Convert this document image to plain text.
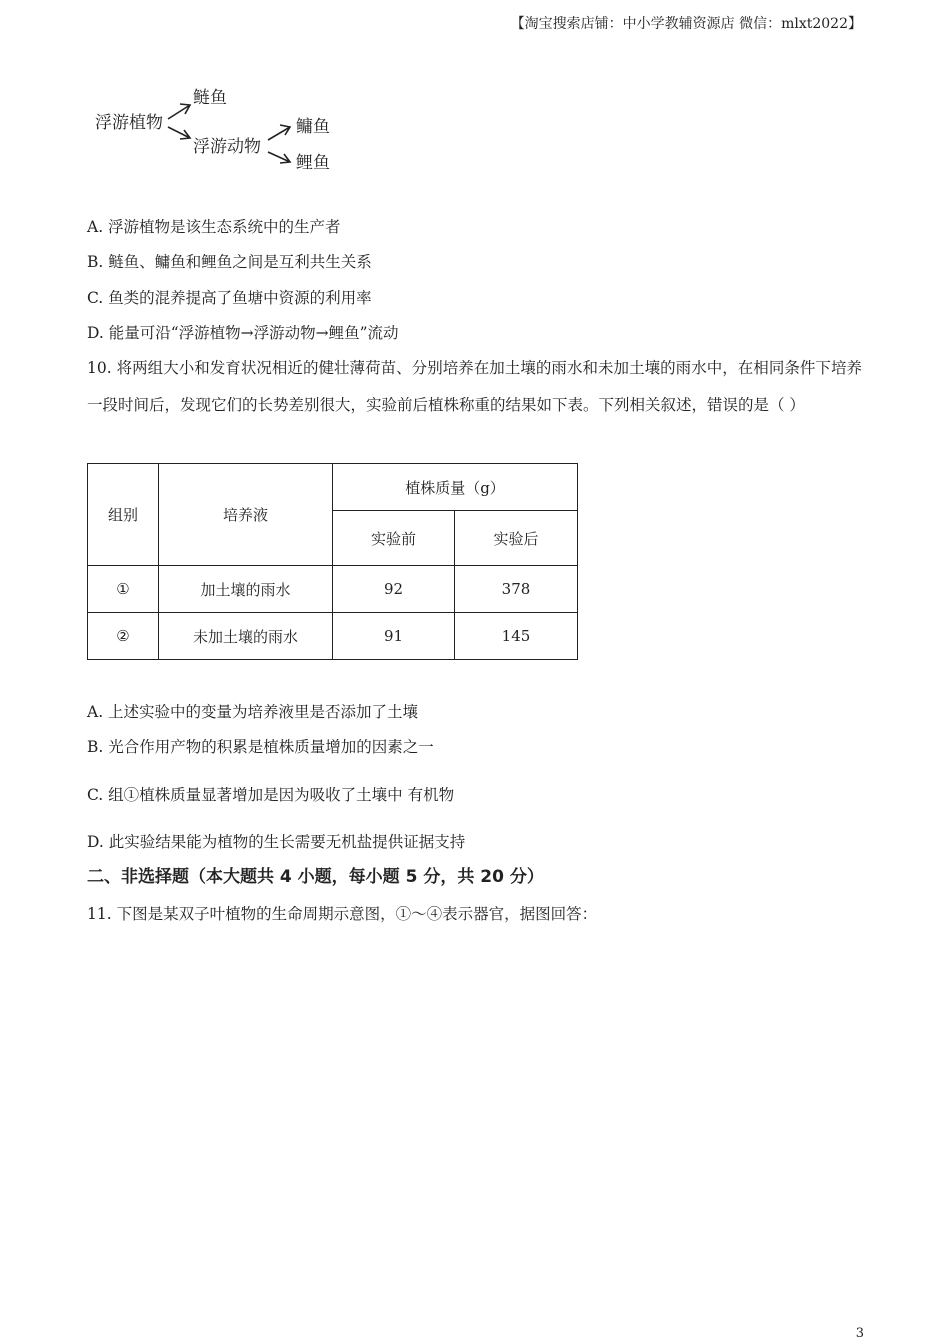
【淘宝搜索店铺：中小学教辅资源店 微信：mlxt2022】
浮游植物
鲢鱼
浮游动物
鳙鱼
鲤鱼
A. 浮游植物是该生态系统中的生产者
B. 鲢鱼、鳙鱼和鲤鱼之间是互利共生关系
C. 鱼类的混养提高了鱼塘中资源的利用率
D. 能量可沿“浮游植物→浮游动物→鲤鱼”流动
10. 将两组大小和发育状况相近的健壮薄荷苗、分别培养在加土壤的雨水和未加土壤的雨水中，在相同条件下培养一段时间后，发现它们的长势差别很大，实验前后植株称重的结果如下表。下列相关叙述，错误的是（ ）
组别	培养液	植株质量（g）	
		实验前	实验后
①	加土壤的雨水	92	378
②	未加土壤的雨水	91	145
A. 上述实验中的变量为培养液里是否添加了土壤
B. 光合作用产物的积累是植株质量增加的因素之一
C. 组①植株质量显著增加是因为吸收了土壤中 有机物
D. 此实验结果能为植物的生长需要无机盐提供证据支持
二、非选择题（本大题共 4 小题，每小题 5 分，共 20 分）
11. 下图是某双子叶植物的生命周期示意图，①～④表示器官，据图回答：
3
